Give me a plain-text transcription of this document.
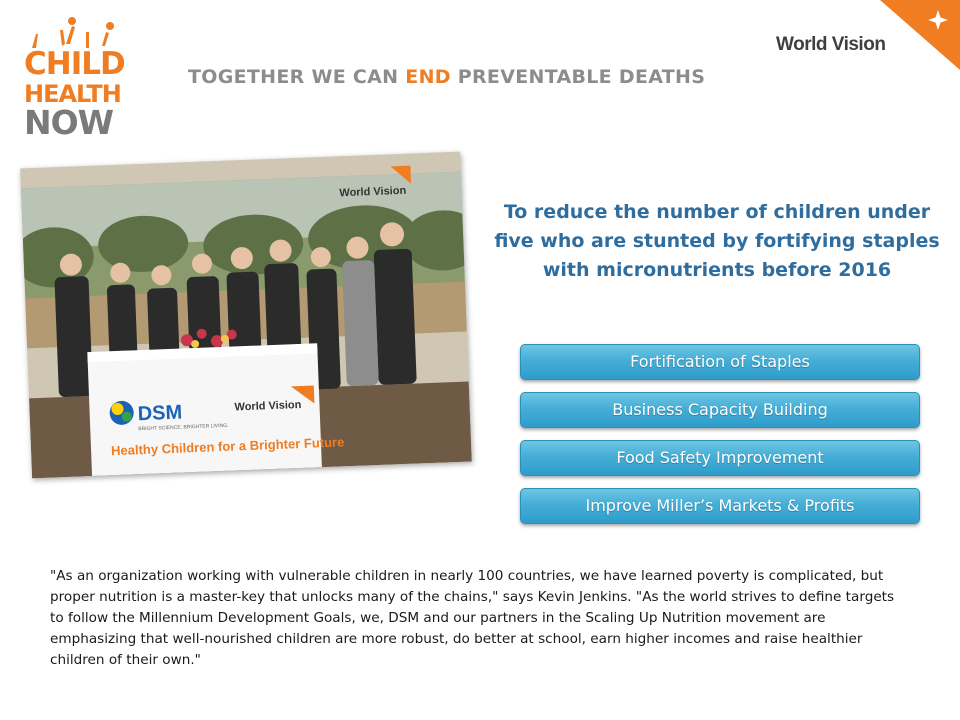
CHILD
HEALTH
NOW
TOGETHER WE CAN END PREVENTABLE DEATHS
World Vision
World Vision
DSM
BRIGHT SCIENCE. BRIGHTER LIVING.
World Vision
Healthy Children for a Brighter Future
To reduce the number of children under five who are stunted by fortifying staples with micronutrients before 2016
Fortification of Staples
Business Capacity Building
Food Safety Improvement
Improve Miller’s Markets & Profits

"As an organization working with vulnerable children in nearly 100 countries, we have learned poverty is complicated, but proper nutrition is a master-key that unlocks many of the chains," says Kevin Jenkins. "As the world strives to define targets to follow the Millennium Development Goals, we, DSM and our partners in the Scaling Up Nutrition movement are emphasizing that well-nourished children are more robust, do better at school, earn higher incomes and raise healthier children of their own."
